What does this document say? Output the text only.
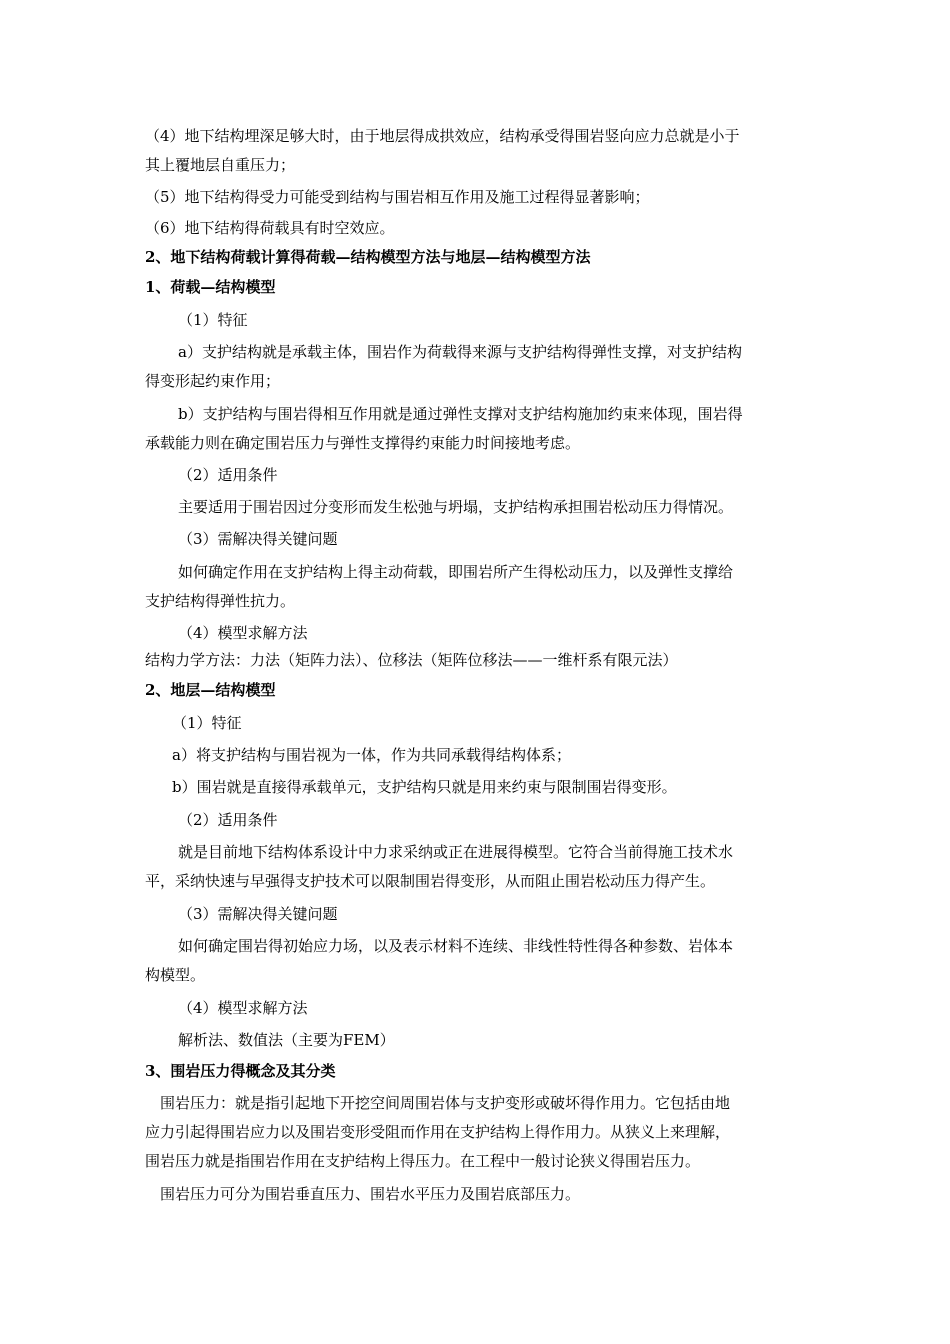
（4）地下结构埋深足够大时，由于地层得成拱效应，结构承受得围岩竖向应力总就是小于
其上覆地层自重压力；
（5）地下结构得受力可能受到结构与围岩相互作用及施工过程得显著影响；
（6）地下结构得荷载具有时空效应。
2、地下结构荷载计算得荷载—结构模型方法与地层—结构模型方法
1、荷载—结构模型
（1）特征
a）支护结构就是承载主体，围岩作为荷载得来源与支护结构得弹性支撑，对支护结构
得变形起约束作用；
b）支护结构与围岩得相互作用就是通过弹性支撑对支护结构施加约束来体现，围岩得
承载能力则在确定围岩压力与弹性支撑得约束能力时间接地考虑。
（2）适用条件
主要适用于围岩因过分变形而发生松弛与坍塌，支护结构承担围岩松动压力得情况。
（3）需解决得关键问题
如何确定作用在支护结构上得主动荷载，即围岩所产生得松动压力，以及弹性支撑给
支护结构得弹性抗力。
（4）模型求解方法
结构力学方法：力法（矩阵力法）、位移法（矩阵位移法——一维杆系有限元法）
2、地层—结构模型
（1）特征
a）将支护结构与围岩视为一体，作为共同承载得结构体系；
b）围岩就是直接得承载单元，支护结构只就是用来约束与限制围岩得变形。
（2）适用条件
就是目前地下结构体系设计中力求采纳或正在进展得模型。它符合当前得施工技术水
平，采纳快速与早强得支护技术可以限制围岩得变形，从而阻止围岩松动压力得产生。
（3）需解决得关键问题
如何确定围岩得初始应力场，以及表示材料不连续、非线性特性得各种参数、岩体本
构模型。
（4）模型求解方法
解析法、数值法（主要为FEM）
3、围岩压力得概念及其分类
围岩压力：就是指引起地下开挖空间周围岩体与支护变形或破坏得作用力。它包括由地
应力引起得围岩应力以及围岩变形受阻而作用在支护结构上得作用力。从狭义上来理解，
围岩压力就是指围岩作用在支护结构上得压力。在工程中一般讨论狭义得围岩压力。
围岩压力可分为围岩垂直压力、围岩水平压力及围岩底部压力。
